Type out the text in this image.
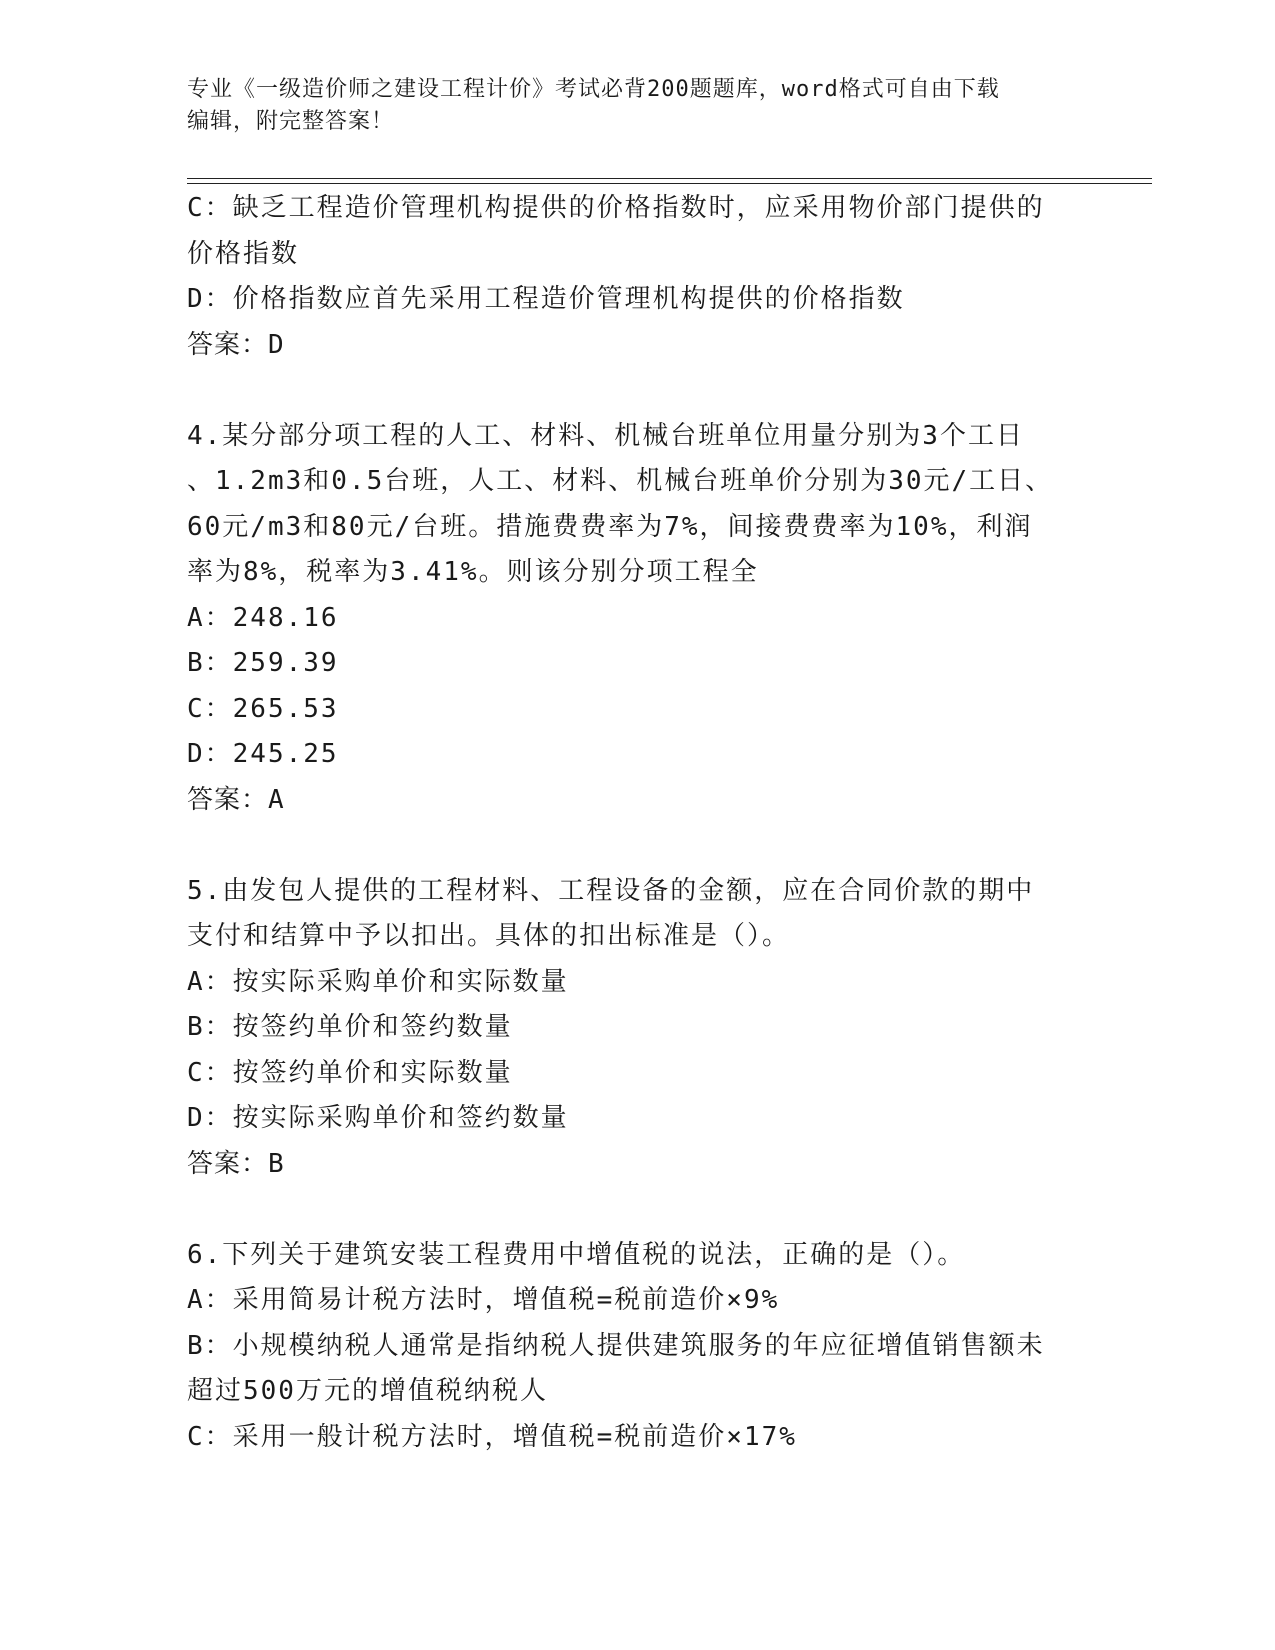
专业《一级造价师之建设工程计价》考试必背200题题库，word格式可自由下载
编辑，附完整答案！
C：缺乏工程造价管理机构提供的价格指数时，应采用物价部门提供的
价格指数
D：价格指数应首先采用工程造价管理机构提供的价格指数
答案：D
4.某分部分项工程的人工、材料、机械台班单位用量分别为3个工日
、1.2m3和0.5台班，人工、材料、机械台班单价分别为30元/工日、
60元/m3和80元/台班。措施费费率为7%，间接费费率为10%，利润
率为8%，税率为3.41%。则该分别分项工程全
A：248.16
B：259.39
C：265.53
D：245.25
答案：A
5.由发包人提供的工程材料、工程设备的金额，应在合同价款的期中
支付和结算中予以扣出。具体的扣出标准是（）。
A：按实际采购单价和实际数量
B：按签约单价和签约数量
C：按签约单价和实际数量
D：按实际采购单价和签约数量
答案：B
6.下列关于建筑安装工程费用中增值税的说法，正确的是（）。
A：采用简易计税方法时，增值税=税前造价×9%
B：小规模纳税人通常是指纳税人提供建筑服务的年应征增值销售额未
超过500万元的增值税纳税人
C：采用一般计税方法时，增值税=税前造价×17%
